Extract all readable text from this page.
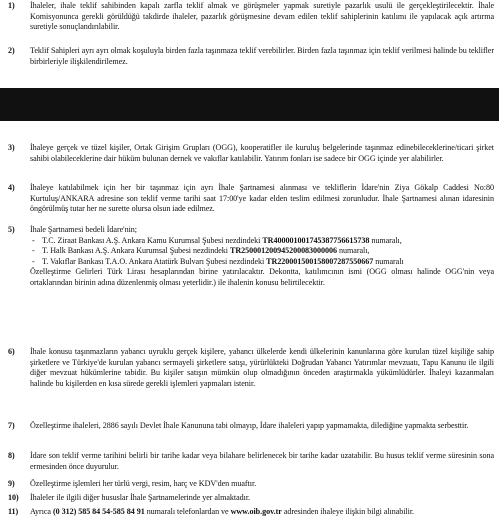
1)	İhaleler, ihale teklif sahibinden kapalı zarfla teklif almak ve görüşmeler yapmak suretiyle pazarlık usulü ile gerçekleştirilecektir. İhale Komisyonunca gerekli görüldüğü takdirde ihaleler, pazarlık görüşmesine devam edilen teklif sahiplerinin katılımı ile yapılacak açık artırma suretiyle sonuçlandırılabilir.
2)	Teklif Sahipleri ayrı ayrı olmak koşuluyla birden fazla taşınmaza teklif verebilirler. Birden fazla taşınmaz için teklif verilmesi halinde bu teklifler birbirleriyle ilişkilendirilemez.
3)	İhaleye gerçek ve tüzel kişiler, Ortak Girişim Grupları (OGG), kooperatifler ile kuruluş belgelerinde taşınmaz edinebileceklerine/ticari şirket sahibi olabileceklerine dair hüküm bulunan dernek ve vakıflar katılabilir. Yatırım fonları ise sadece bir OGG içinde yer alabilirler.
4)	İhaleye katılabilmek için her bir taşınmaz için ayrı İhale Şartnamesi alınması ve tekliflerin İdare'nin Ziya Gökalp Caddesi No:80 Kurtuluş/ANKARA adresine son teklif verme tarihi saat 17:00'ye kadar elden teslim edilmesi zorunludur. İhale Şartnamesi alınan idaresinin öngörülmüş tutar her ne surette olursa olsun iade edilmez.
5)	İhale Şartnamesi bedeli İdare'nin;
- T.C. Ziraat Bankası A.Ş. Ankara Kamu Kurumsal Şubesi nezdindeki TR400001001745387756615738 numaralı,
- T. Halk Bankası A.Ş. Ankara Kurumsal Şubesi nezdindeki TR250001200945200083000006 numaralı,
- T. Vakıflar Bankası T.A.O. Ankara Atatürk Bulvarı Şubesi nezdindeki TR220001500158007287550667 numaralı
Özelleştirme Gelirleri Türk Lirası hesaplarından birine yatırılacaktır. Dekontta, katılımcının ismi (OGG olması halinde OGG'nin veya ortaklarından birinin adına düzenlenmiş olması yeterlidir.) ile ihalenin konusu belirtilecektir.
6)	İhale konusu taşınmazların yabancı uyruklu gerçek kişilere, yabancı ülkelerde kendi ülkelerinin kanunlarına göre kurulan tüzel kişiliğe sahip şirketlere ve Türkiye'de kurulan yabancı sermayeli şirketlere satışı, yürürlükteki Doğrudan Yabancı Yatırımlar mevzuatı, Tapu Kanunu ile ilgili diğer mevzuat hükümlerine tabidir. Bu kişiler satışın mümkün olup olmadığının önceden araştırmakla yükümlüdürler. İhaleyi kazanmaları halinde bu kişilerden en kısa sürede gerekli işlemleri yapmaları istenir.
7)	Özelleştirme ihaleleri, 2886 sayılı Devlet İhale Kanununa tabi olmayıp, İdare ihaleleri yapıp yapmamakta, dilediğine yapmakta serbesttir.
8)	İdare son teklif verme tarihini belirli bir tarihe kadar veya bilahare belirlenecek bir tarihe kadar uzatabilir. Bu husus teklif verme süresinin sona ermesinden önce duyurulur.
9)	Özelleştirme işlemleri her türlü vergi, resim, harç ve KDV'den muaftır.
10)	İhaleler ile ilgili diğer hususlar İhale Şartnamelerinde yer almaktadır.
11)	Ayrıca (0 312) 585 84 54-585 84 91 numaralı telefonlardan ve www.oib.gov.tr adresinden ihaleye ilişkin bilgi alınabilir.
